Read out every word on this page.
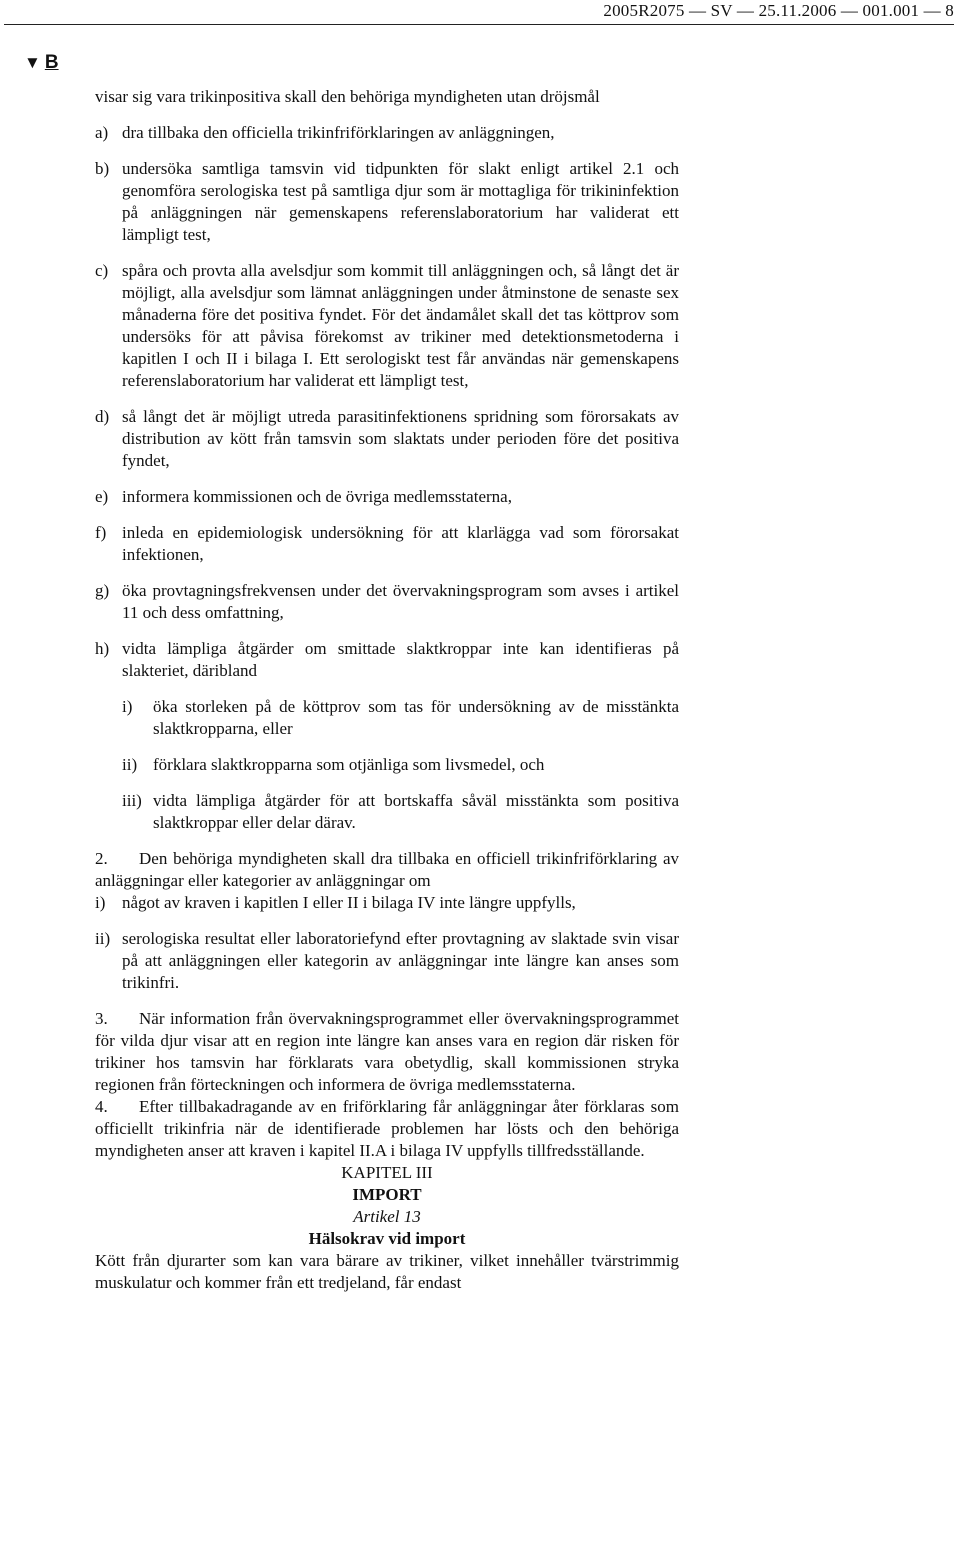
2005R2075 — SV — 25.11.2006 — 001.001 — 8
▼ B

visar sig vara trikinpositiva skall den behöriga myndigheten utan dröjsmål

a) dra tillbaka den officiella trikinfriförklaringen av anläggningen,
b) undersöka samtliga tamsvin vid tidpunkten för slakt enligt artikel 2.1 och genomföra serologiska test på samtliga djur som är mottagliga för trikininfektion på anläggningen när gemenskapens referenslaboratorium har validerat ett lämpligt test,
c) spåra och provta alla avelsdjur som kommit till anläggningen och, så långt det är möjligt, alla avelsdjur som lämnat anläggningen under åtminstone de senaste sex månaderna före det positiva fyndet. För det ändamålet skall det tas köttprov som undersöks för att påvisa förekomst av trikiner med detektionsmetoderna i kapitlen I och II i bilaga I. Ett serologiskt test får användas när gemenskapens referenslaboratorium har validerat ett lämpligt test,
d) så långt det är möjligt utreda parasitinfektionens spridning som förorsakats av distribution av kött från tamsvin som slaktats under perioden före det positiva fyndet,
e) informera kommissionen och de övriga medlemsstaterna,
f) inleda en epidemiologisk undersökning för att klarlägga vad som förorsakat infektionen,
g) öka provtagningsfrekvensen under det övervakningsprogram som avses i artikel 11 och dess omfattning,
h) vidta lämpliga åtgärder om smittade slaktkroppar inte kan identifieras på slakteriet, däribland
i) öka storleken på de köttprov som tas för undersökning av de misstänkta slaktkropparna, eller
ii) förklara slaktkropparna som otjänliga som livsmedel, och
iii) vidta lämpliga åtgärder för att bortskaffa såväl misstänkta som positiva slaktkroppar eller delar därav.

2. Den behöriga myndigheten skall dra tillbaka en officiell trikinfriförklaring av anläggningar eller kategorier av anläggningar om

i) något av kraven i kapitlen I eller II i bilaga IV inte längre uppfylls,
ii) serologiska resultat eller laboratoriefynd efter provtagning av slaktade svin visar på att anläggningen eller kategorin av anläggningar inte längre kan anses som trikinfri.

3. När information från övervakningsprogrammet eller övervakningsprogrammet för vilda djur visar att en region inte längre kan anses vara en region där risken för trikiner hos tamsvin har förklarats vara obetydlig, skall kommissionen stryka regionen från förteckningen och informera de övriga medlemsstaterna.

4. Efter tillbakadragande av en friförklaring får anläggningar åter förklaras som officiellt trikinfria när de identifierade problemen har lösts och den behöriga myndigheten anser att kraven i kapitel II.A i bilaga IV uppfylls tillfredsställande.

KAPITEL III

IMPORT

Artikel 13

Hälsokrav vid import

Kött från djurarter som kan vara bärare av trikiner, vilket innehåller tvärstrimmig muskulatur och kommer från ett tredjeland, får endast
